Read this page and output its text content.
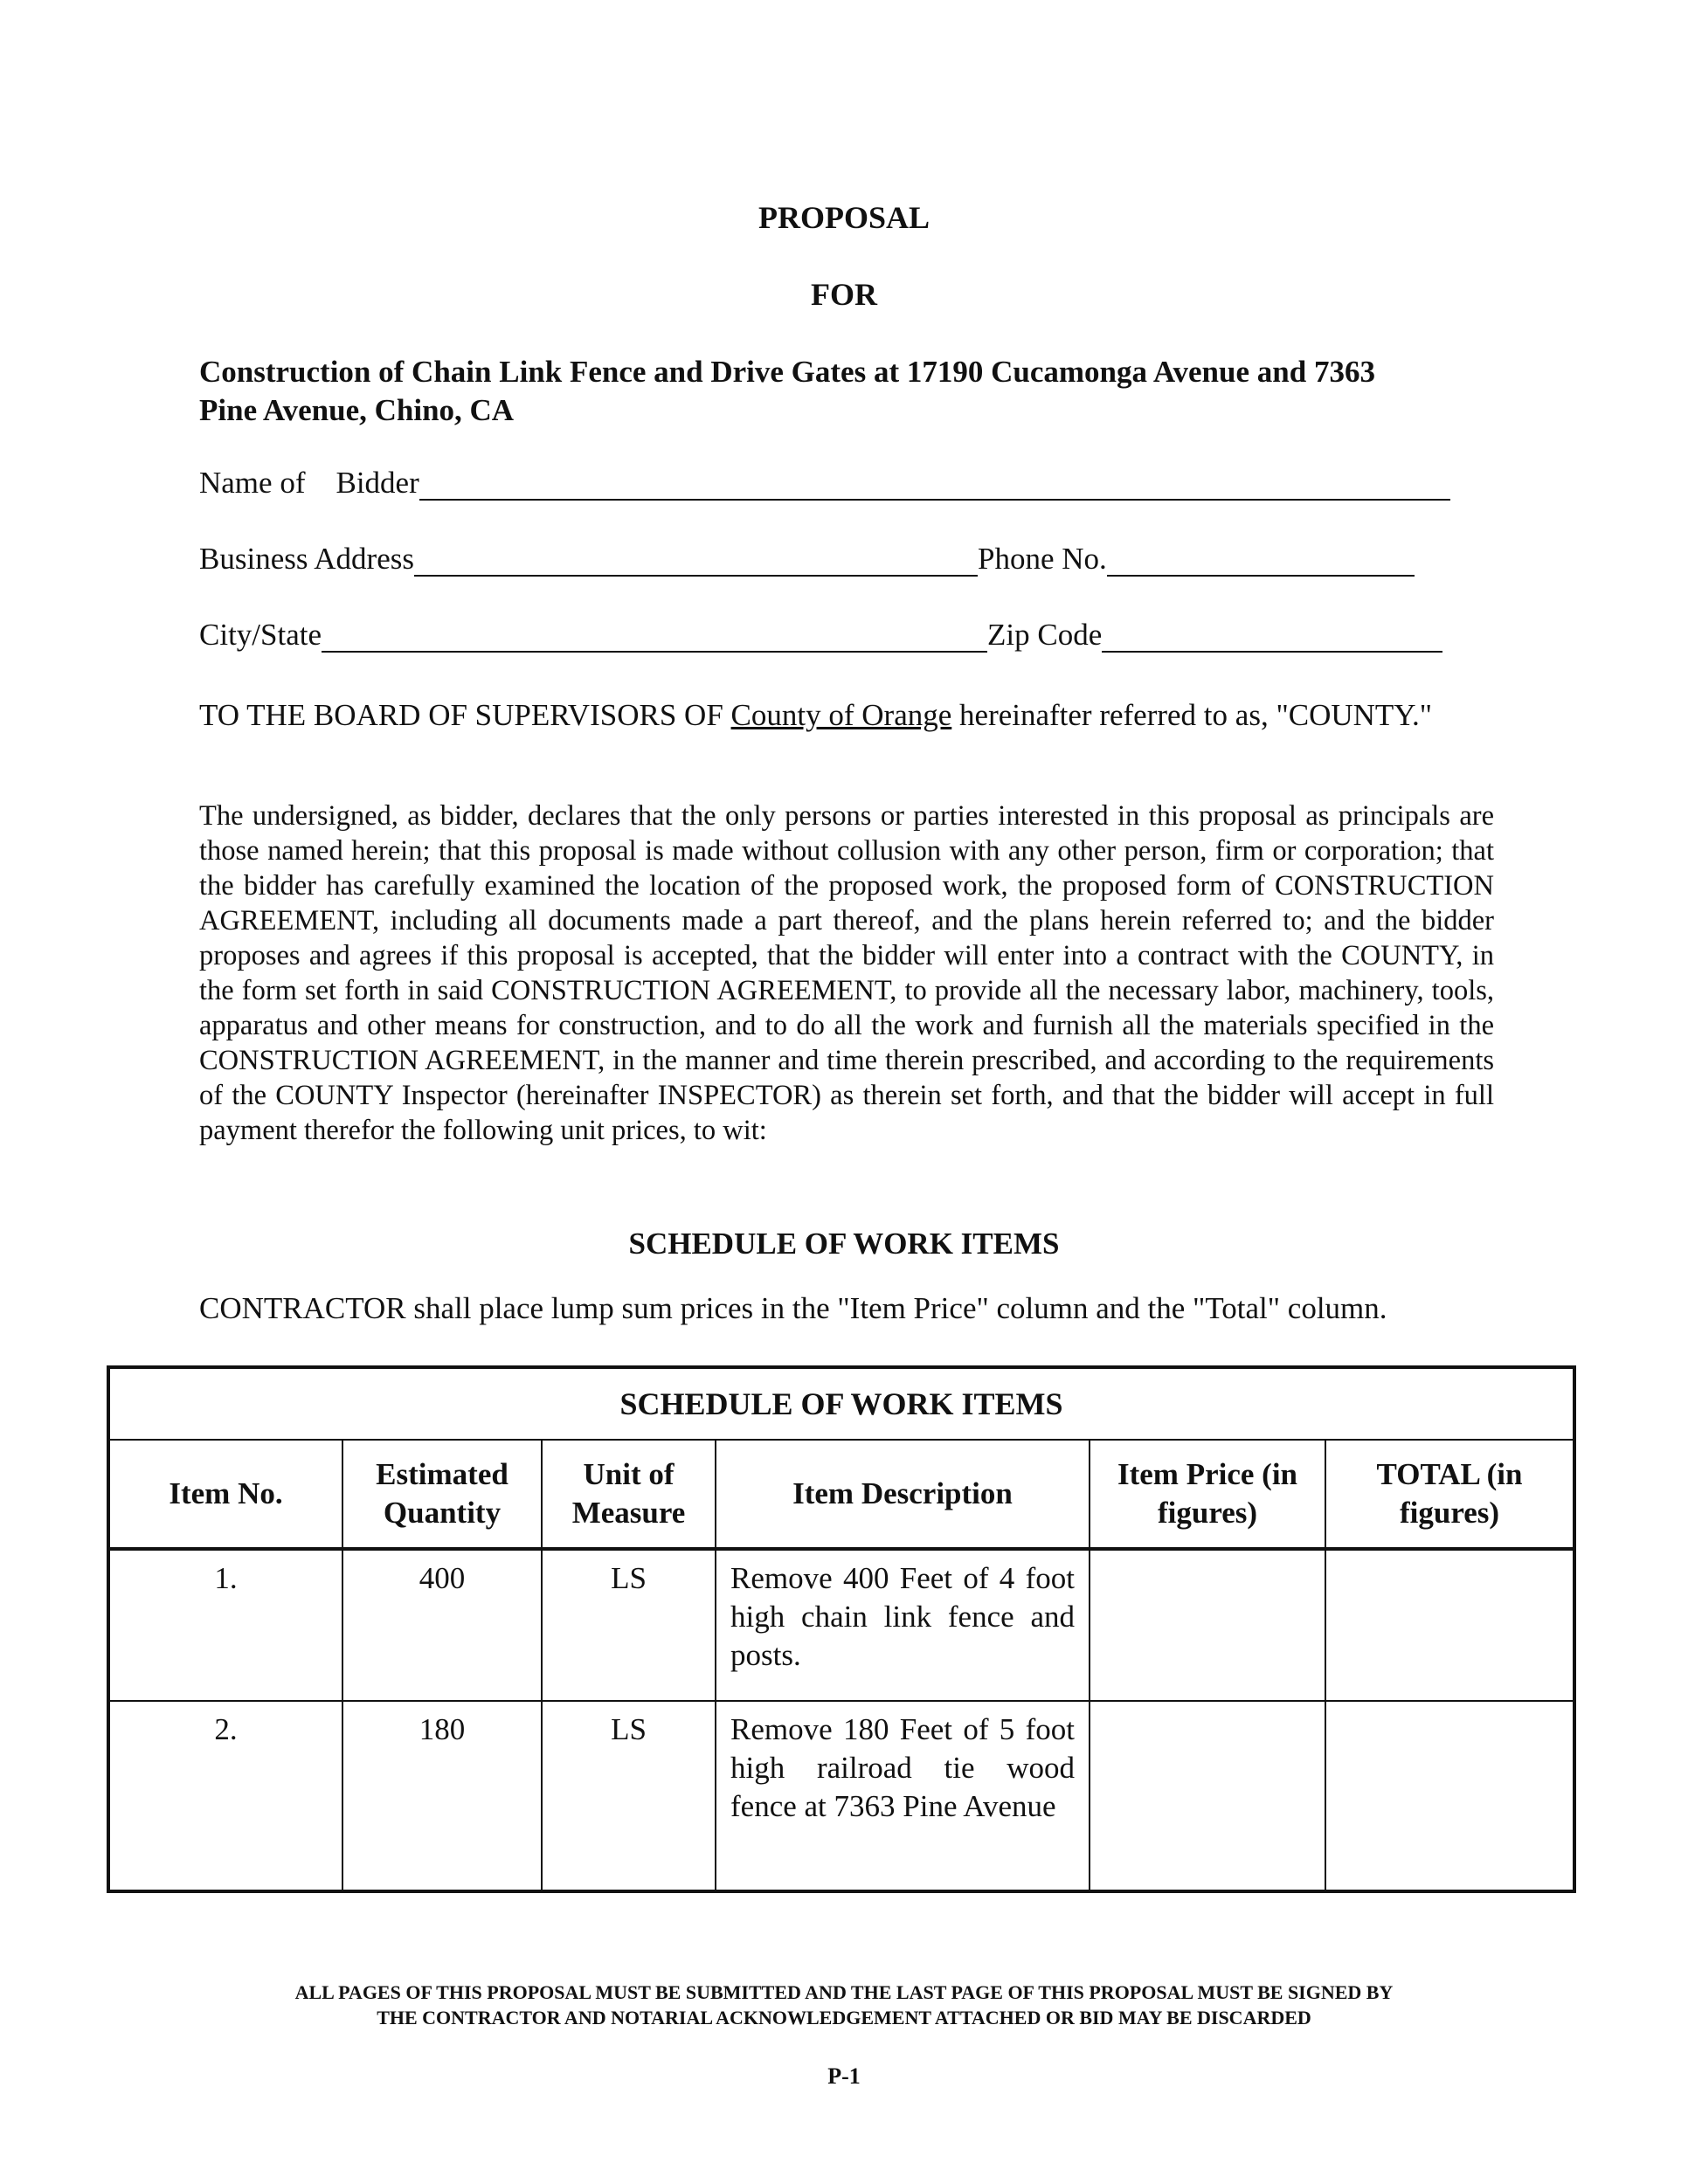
PROPOSAL
FOR
Construction of Chain Link Fence and Drive Gates at 17190 Cucamonga Avenue and 7363
Pine Avenue, Chino, CA
Name of    Bidder
Business Address	Phone No.
City/State	Zip Code
TO THE BOARD OF SUPERVISORS OF County of Orange hereinafter referred to as, "COUNTY."
The undersigned, as bidder, declares that the only persons or parties interested in this proposal as principals are those named herein; that this proposal is made without collusion with any other person, firm or corporation; that the bidder has carefully examined the location of the proposed work, the proposed form of CONSTRUCTION AGREEMENT, including all documents made a part thereof, and the plans herein referred to; and the bidder proposes and agrees if this proposal is accepted, that the bidder will enter into a contract with the COUNTY, in the form set forth in said CONSTRUCTION AGREEMENT, to provide all the necessary labor, machinery, tools, apparatus and other means for construction, and to do all the work and furnish all the materials specified in the CONSTRUCTION AGREEMENT, in the manner and time therein prescribed, and according to the requirements of the COUNTY Inspector (hereinafter INSPECTOR) as therein set forth, and that the bidder will accept in full payment therefor the following unit prices, to wit:
SCHEDULE OF WORK ITEMS
CONTRACTOR shall place lump sum prices in the "Item Price" column and the "Total" column.
SCHEDULE OF WORK ITEMS					
Item No.	Estimated Quantity	Unit of Measure	Item Description	Item Price (in figures)	TOTAL (in figures)
1.	400	LS	Remove 400 Feet of 4 foot high chain link fence and posts.		
2.	180	LS	Remove 180 Feet of 5 foot high railroad tie wood fence at 7363 Pine Avenue		
ALL PAGES OF THIS PROPOSAL MUST BE SUBMITTED AND THE LAST PAGE OF THIS PROPOSAL MUST BE SIGNED BY
THE CONTRACTOR AND NOTARIAL ACKNOWLEDGEMENT ATTACHED OR BID MAY BE DISCARDED
P-1
